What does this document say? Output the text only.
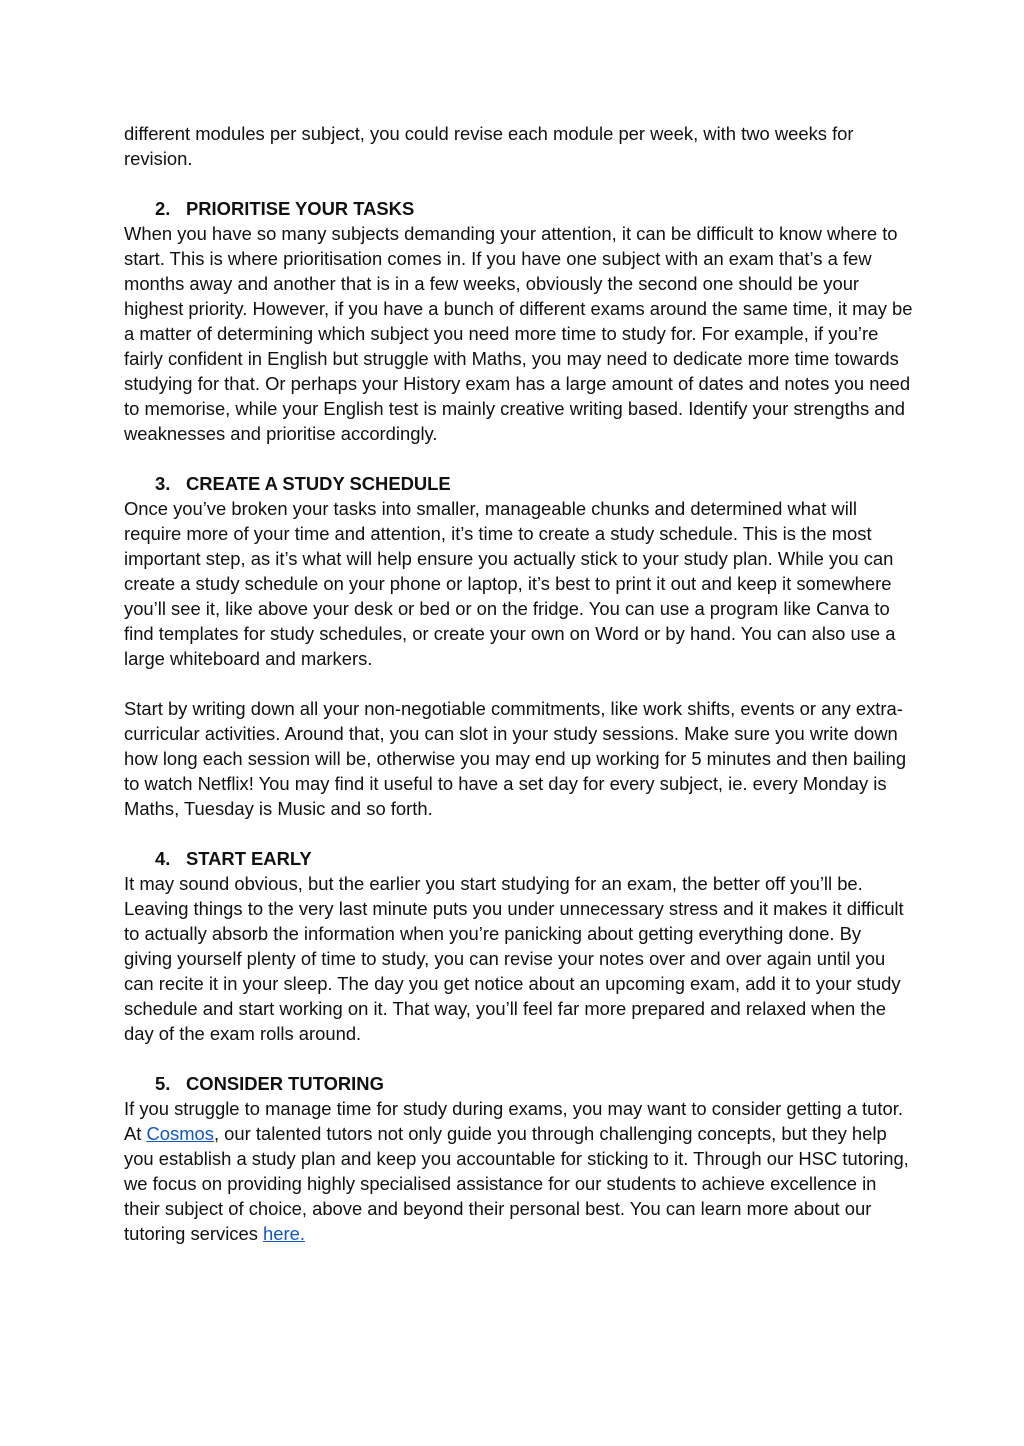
different modules per subject, you could revise each module per week, with two weeks for revision.

2. PRIORITISE YOUR TASKS

When you have so many subjects demanding your attention, it can be difficult to know where to start. This is where prioritisation comes in. If you have one subject with an exam that’s a few months away and another that is in a few weeks, obviously the second one should be your highest priority. However, if you have a bunch of different exams around the same time, it may be a matter of determining which subject you need more time to study for. For example, if you’re fairly confident in English but struggle with Maths, you may need to dedicate more time towards studying for that. Or perhaps your History exam has a large amount of dates and notes you need to memorise, while your English test is mainly creative writing based. Identify your strengths and weaknesses and prioritise accordingly.

3. CREATE A STUDY SCHEDULE

Once you’ve broken your tasks into smaller, manageable chunks and determined what will require more of your time and attention, it’s time to create a study schedule. This is the most important step, as it’s what will help ensure you actually stick to your study plan. While you can create a study schedule on your phone or laptop, it’s best to print it out and keep it somewhere you’ll see it, like above your desk or bed or on the fridge. You can use a program like Canva to find templates for study schedules, or create your own on Word or by hand. You can also use a large whiteboard and markers.

Start by writing down all your non-negotiable commitments, like work shifts, events or any extra-curricular activities. Around that, you can slot in your study sessions. Make sure you write down how long each session will be, otherwise you may end up working for 5 minutes and then bailing to watch Netflix! You may find it useful to have a set day for every subject, ie. every Monday is Maths, Tuesday is Music and so forth.

4. START EARLY

It may sound obvious, but the earlier you start studying for an exam, the better off you’ll be. Leaving things to the very last minute puts you under unnecessary stress and it makes it difficult to actually absorb the information when you’re panicking about getting everything done. By giving yourself plenty of time to study, you can revise your notes over and over again until you can recite it in your sleep. The day you get notice about an upcoming exam, add it to your study schedule and start working on it. That way, you’ll feel far more prepared and relaxed when the day of the exam rolls around.

5. CONSIDER TUTORING

If you struggle to manage time for study during exams, you may want to consider getting a tutor. At Cosmos, our talented tutors not only guide you through challenging concepts, but they help you establish a study plan and keep you accountable for sticking to it. Through our HSC tutoring, we focus on providing highly specialised assistance for our students to achieve excellence in their subject of choice, above and beyond their personal best. You can learn more about our tutoring services here.
